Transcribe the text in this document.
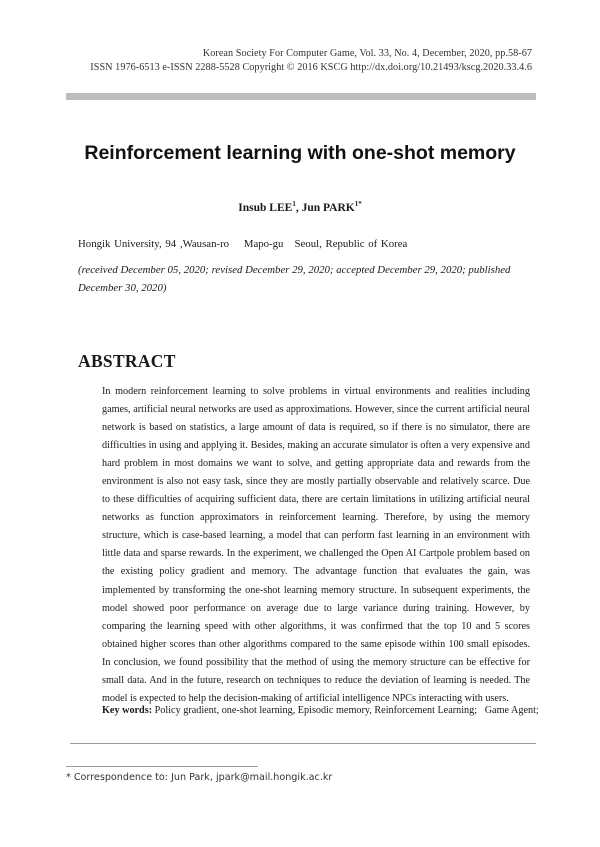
Korean Society For Computer Game, Vol. 33, No. 4, December, 2020, pp.58-67
ISSN 1976-6513 e-ISSN 2288-5528 Copyright © 2016 KSCG http://dx.doi.org/10.21493/kscg.2020.33.4.6
Reinforcement learning with one-shot memory
Insub LEE$^1$, Jun $PARK^{1*}$
Hongik University, 94 ,Wausan-ro    Mapo-gu   Seoul, Republic of Korea
(received December 05, 2020; revised December 29, 2020; accepted December 29, 2020; published December 30, 2020)
ABSTRACT

In modern reinforcement learning to solve problems in virtual environments and realities including games, artificial neural networks are used as approximations. However, since the current artificial neural network is based on statistics, a large amount of data is required, so if there is no simulator, there are difficulties in using and applying it. Besides, making an accurate simulator is often a very expensive and hard problem in most domains we want to solve, and getting appropriate data and rewards from the environment is also not easy task, since they are mostly partially observable and relatively scarce. Due to these difficulties of acquiring sufficient data, there are certain limitations in utilizing artificial neural networks as function approximators in reinforcement learning. Therefore, by using the memory structure, which is case-based learning, a model that can perform fast learning in an environment with little data and sparse rewards. In the experiment, we challenged the Open AI Cartpole problem based on the existing policy gradient and memory. The advantage function that evaluates the gain, was implemented by transforming the one-shot learning memory structure. In subsequent experiments, the model showed poor performance on average due to large variance during training. However, by comparing the learning speed with other algorithms, it was confirmed that the top 10 and 5 scores obtained higher scores than other algorithms compared to the same episode within 100 small episodes. In conclusion, we found possibility that the method of using the memory structure can be effective for small data. And in the future, research on techniques to reduce the deviation of learning is needed. The model is expected to help the decision-making of artificial intelligence NPCs interacting with users.

Key words: Policy gradient, one-shot learning, Episodic memory, Reinforcement Learning;   Game Agent;
* Correspondence to: Jun Park, jpark@mail.hongik.ac.kr
